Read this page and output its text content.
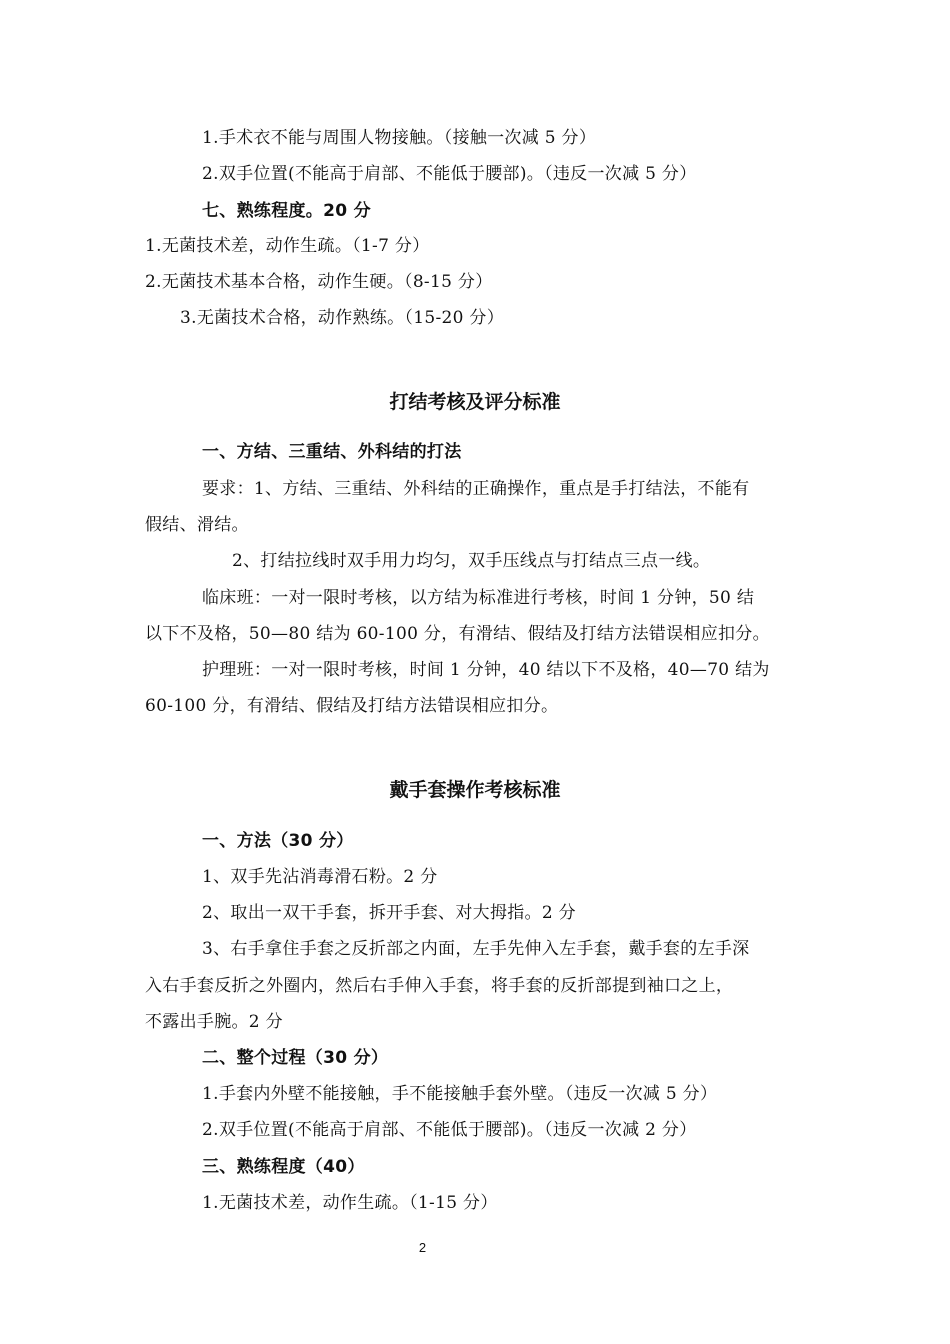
1.手术衣不能与周围人物接触。（接触一次减 5 分）
2.双手位置(不能高于肩部、不能低于腰部)。（违反一次减 5 分）
七、熟练程度。20 分
1.无菌技术差，动作生疏。（1-7 分）
2.无菌技术基本合格，动作生硬。（8-15 分）
3.无菌技术合格，动作熟练。（15-20 分）
打结考核及评分标准
一、方结、三重结、外科结的打法
要求：1、方结、三重结、外科结的正确操作，重点是手打结法，不能有
假结、滑结。
2、打结拉线时双手用力均匀，双手压线点与打结点三点一线。
临床班：一对一限时考核，以方结为标准进行考核，时间 1 分钟，50 结
以下不及格，50—80 结为 60-100 分，有滑结、假结及打结方法错误相应扣分。
护理班：一对一限时考核，时间 1 分钟，40 结以下不及格，40—70 结为
60-100 分，有滑结、假结及打结方法错误相应扣分。
戴手套操作考核标准
一、方法（30 分）
1、双手先沾消毒滑石粉。2 分
2、取出一双干手套，拆开手套、对大拇指。2 分
3、右手拿住手套之反折部之内面，左手先伸入左手套，戴手套的左手深
入右手套反折之外圈内，然后右手伸入手套，将手套的反折部提到袖口之上，
不露出手腕。2 分
二、整个过程（30 分）
1.手套内外壁不能接触，手不能接触手套外壁。（违反一次减 5 分）
2.双手位置(不能高于肩部、不能低于腰部)。（违反一次减 2 分）
三、熟练程度（40）
1.无菌技术差，动作生疏。（1-15 分）
2
